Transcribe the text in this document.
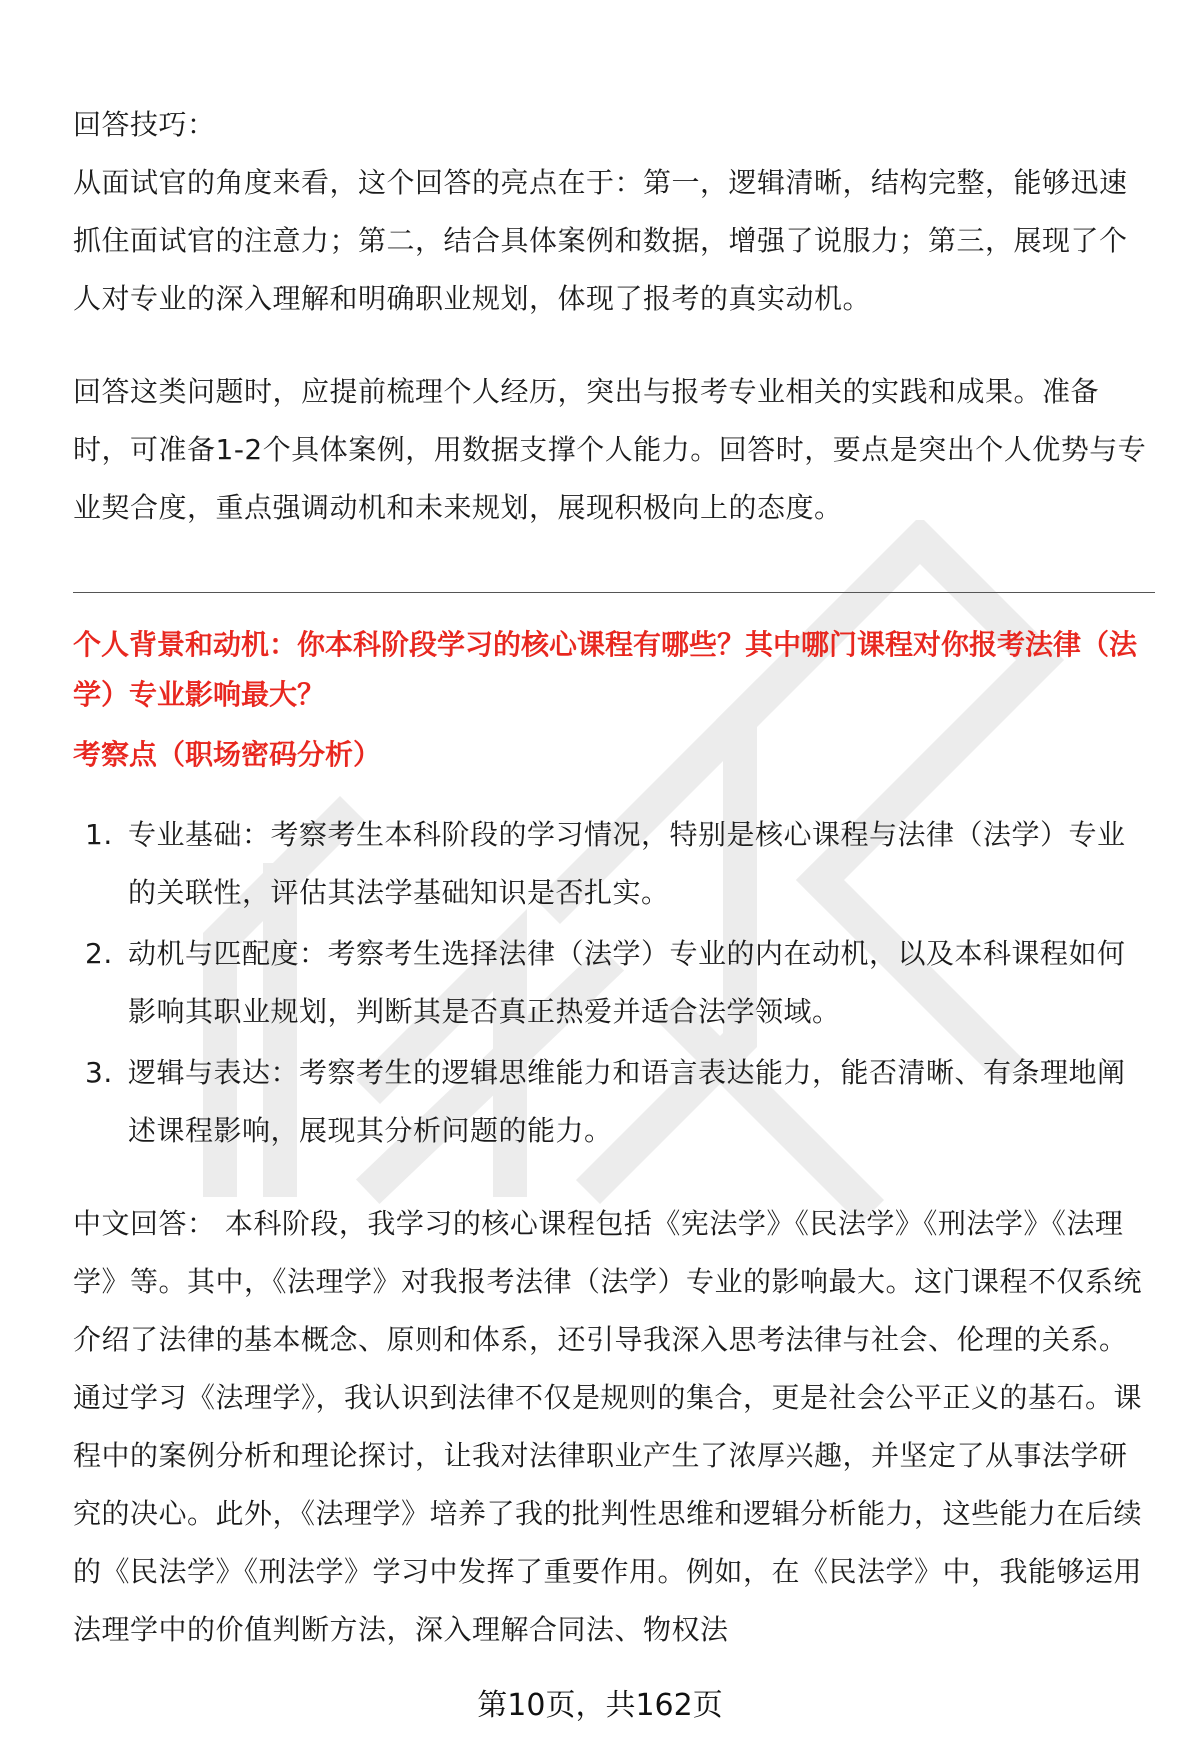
回答技巧：

从面试官的角度来看，这个回答的亮点在于：第一，逻辑清晰，结构完整，能够迅速抓住面试官的注意力；第二，结合具体案例和数据，增强了说服力；第三，展现了个人对专业的深入理解和明确职业规划，体现了报考的真实动机。

回答这类问题时，应提前梳理个人经历，突出与报考专业相关的实践和成果。准备时，可准备1-2个具体案例，用数据支撑个人能力。回答时，要点是突出个人优势与专业契合度，重点强调动机和未来规划，展现积极向上的态度。

个人背景和动机：你本科阶段学习的核心课程有哪些？其中哪门课程对你报考法律（法学）专业影响最大？
考察点（职场密码分析）
1. 专业基础：考察考生本科阶段的学习情况，特别是核心课程与法律（法学）专业的关联性，评估其法学基础知识是否扎实。
2. 动机与匹配度：考察考生选择法律（法学）专业的内在动机，以及本科课程如何影响其职业规划，判断其是否真正热爱并适合法学领域。
3. 逻辑与表达：考察考生的逻辑思维能力和语言表达能力，能否清晰、有条理地阐述课程影响，展现其分析问题的能力。

中文回答： 本科阶段，我学习的核心课程包括《宪法学》《民法学》《刑法学》《法理学》等。其中，《法理学》对我报考法律（法学）专业的影响最大。这门课程不仅系统介绍了法律的基本概念、原则和体系，还引导我深入思考法律与社会、伦理的关系。通过学习《法理学》，我认识到法律不仅是规则的集合，更是社会公平正义的基石。课程中的案例分析和理论探讨，让我对法律职业产生了浓厚兴趣，并坚定了从事法学研究的决心。此外，《法理学》培养了我的批判性思维和逻辑分析能力，这些能力在后续的《民法学》《刑法学》学习中发挥了重要作用。例如，在《民法学》中，我能够运用法理学中的价值判断方法，深入理解合同法、物权法

第10页，共162页
